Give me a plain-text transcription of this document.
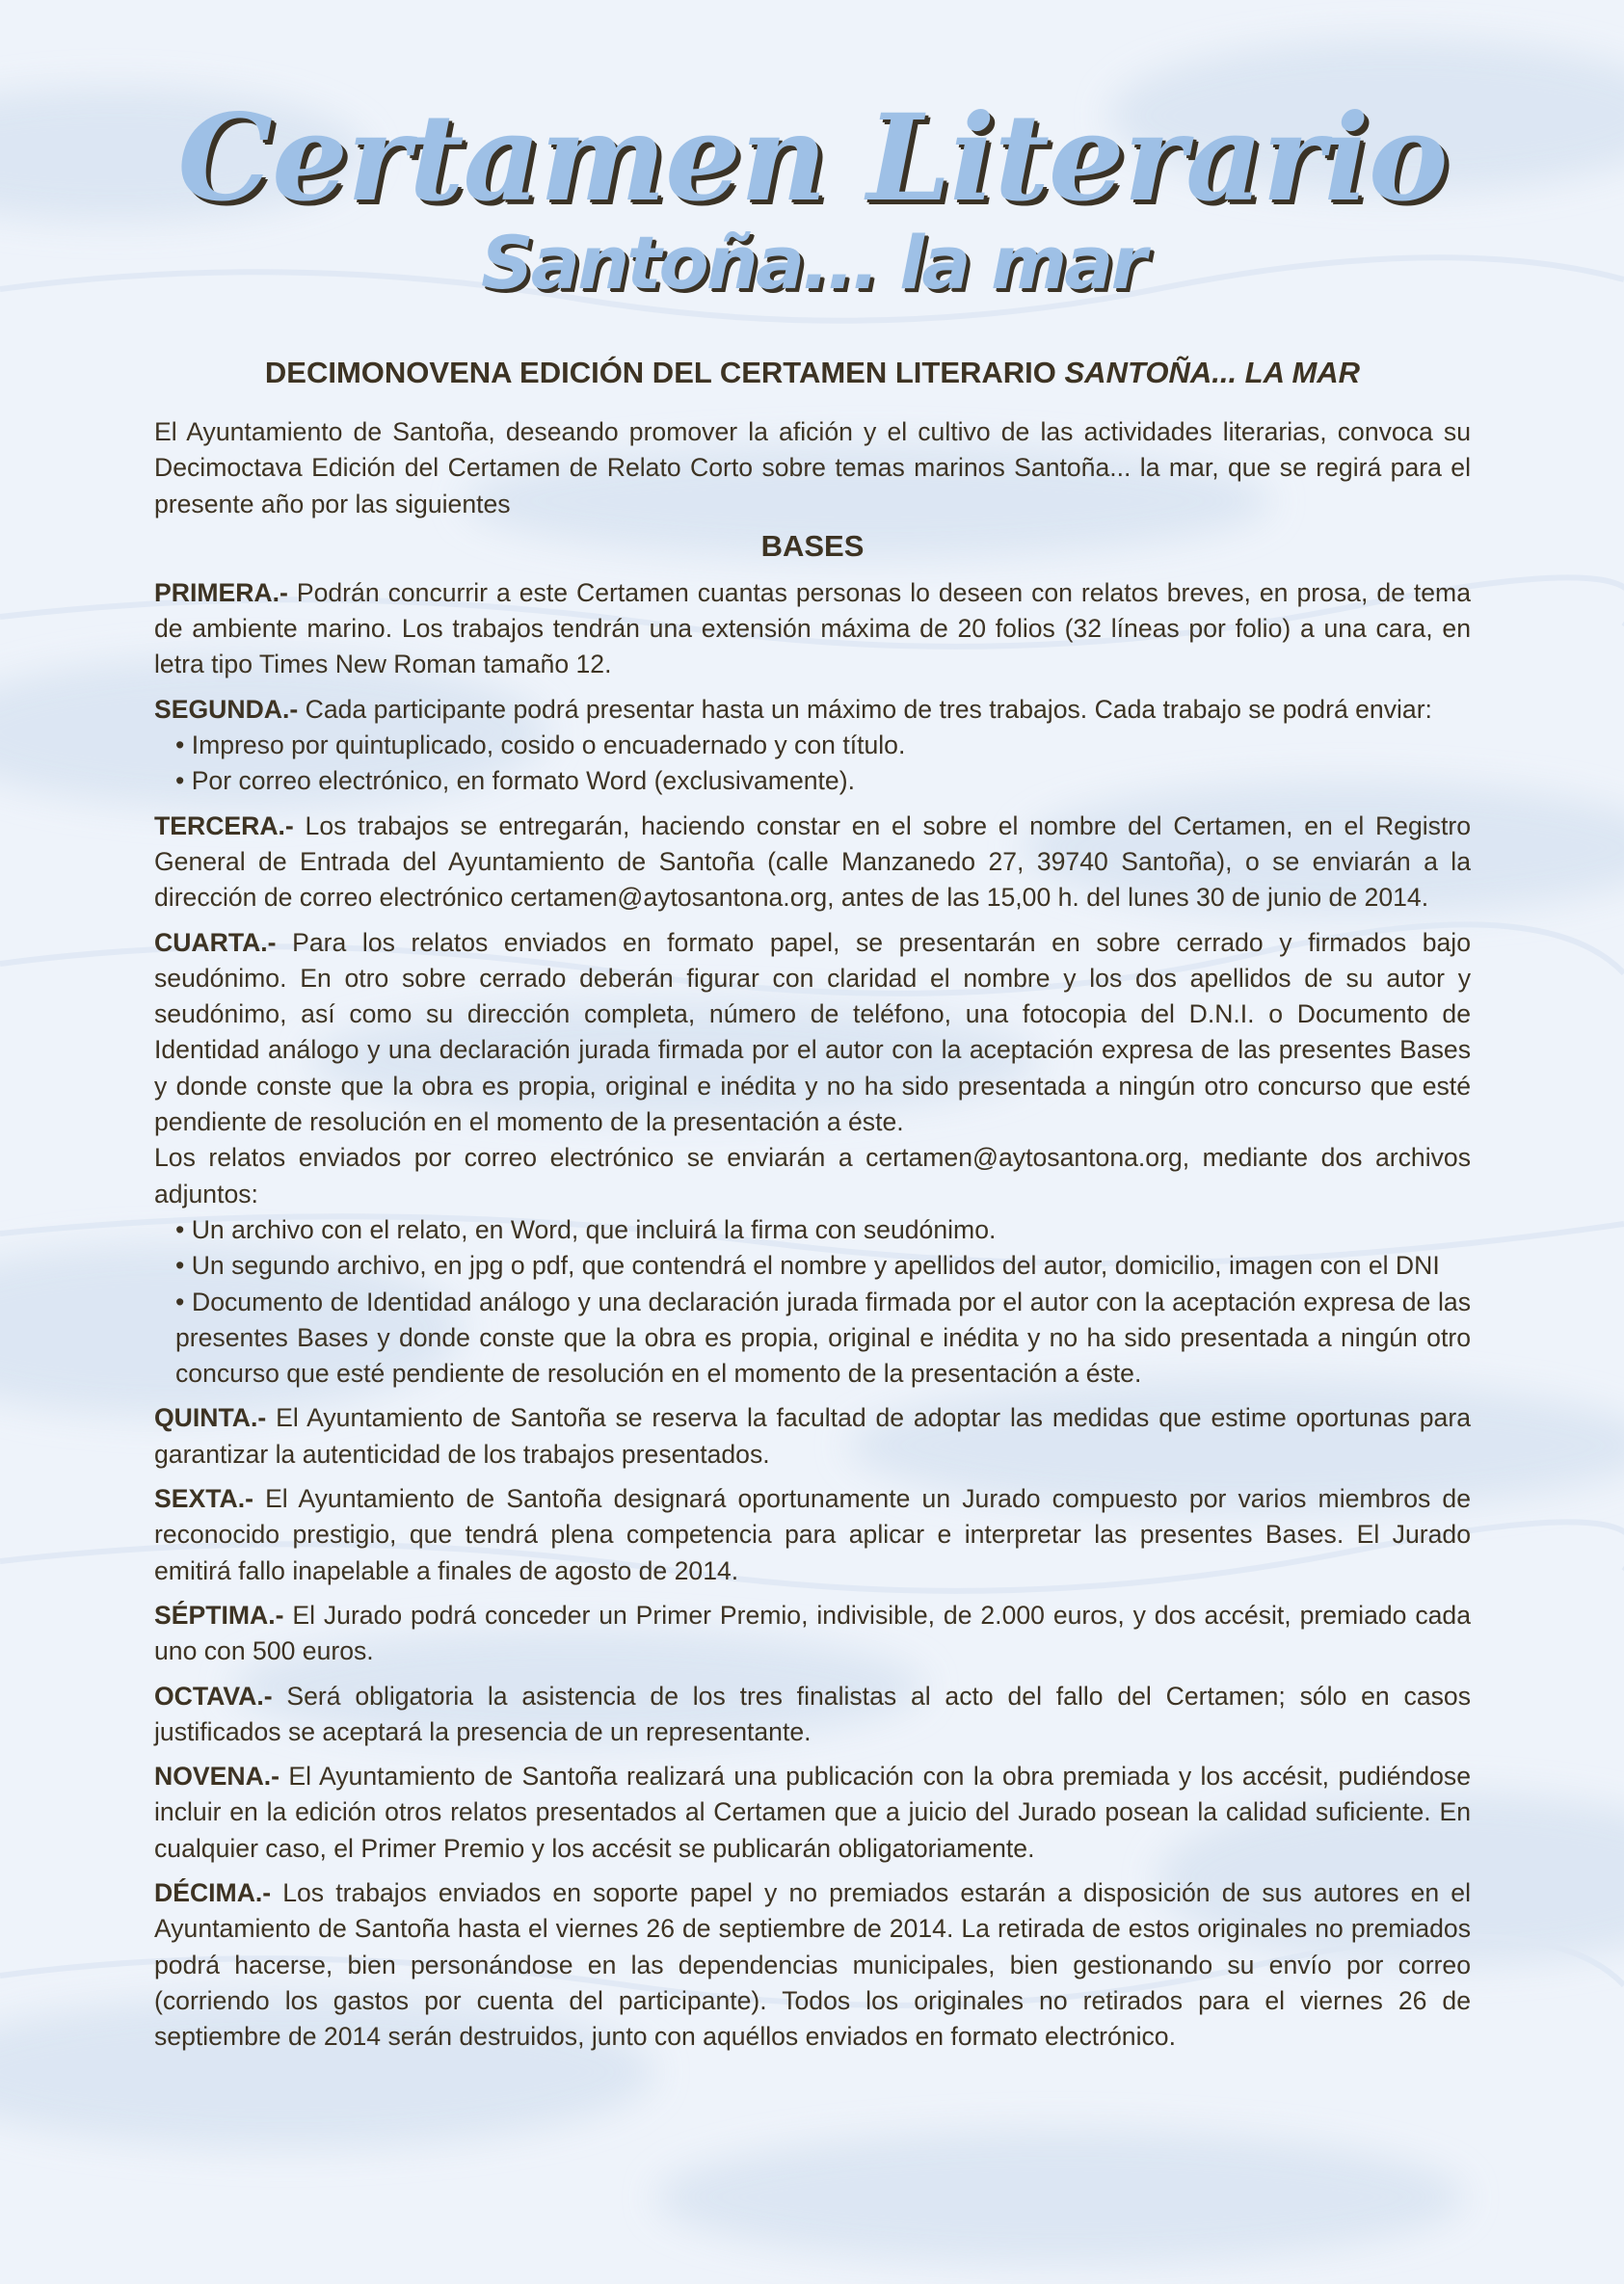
Certamen Literario
Santoña... la mar
DECIMONOVENA EDICIÓN DEL CERTAMEN LITERARIO SANTOÑA... LA MAR

El Ayuntamiento de Santoña, deseando promover la afición y el cultivo de las actividades literarias, convoca su Decimoctava Edición del Certamen de Relato Corto sobre temas marinos Santoña... la mar, que se regirá para el presente año por las siguientes

BASES

PRIMERA.- Podrán concurrir a este Certamen cuantas personas lo deseen con relatos breves, en prosa, de tema de ambiente marino. Los trabajos tendrán una extensión máxima de 20 folios (32 líneas por folio) a una cara, en letra tipo Times New Roman tamaño 12.

SEGUNDA.- Cada participante podrá presentar hasta un máximo de tres trabajos. Cada trabajo se podrá enviar:

• Impreso por quintuplicado, cosido o encuadernado y con título.

• Por correo electrónico, en formato Word (exclusivamente).

TERCERA.- Los trabajos se entregarán, haciendo constar en el sobre el nombre del Certamen, en el Registro General de Entrada del Ayuntamiento de Santoña (calle Manzanedo 27, 39740 Santoña), o se enviarán a la dirección de correo electrónico certamen@aytosantona.org, antes de las 15,00 h. del lunes 30 de junio de 2014.

CUARTA.- Para los relatos enviados en formato papel, se presentarán en sobre cerrado y firmados bajo seudónimo. En otro sobre cerrado deberán figurar con claridad el nombre y los dos apellidos de su autor y seudónimo, así como su dirección completa, número de teléfono, una fotocopia del D.N.I. o Documento de Identidad análogo y una declaración jurada firmada por el autor con la aceptación expresa de las presentes Bases y donde conste que la obra es propia, original e inédita y no ha sido presentada a ningún otro concurso que esté pendiente de resolución en el momento de la presentación a éste.

Los relatos enviados por correo electrónico se enviarán a certamen@aytosantona.org, mediante dos archivos adjuntos:

• Un archivo con el relato, en Word, que incluirá la firma con seudónimo.

• Un segundo archivo, en jpg o pdf, que contendrá el nombre y apellidos del autor, domicilio, imagen con el DNI

• Documento de Identidad análogo y una declaración jurada firmada por el autor con la aceptación expresa de las presentes Bases y donde conste que la obra es propia, original e inédita y no ha sido presentada a ningún otro concurso que esté pendiente de resolución en el momento de la presentación a éste.

QUINTA.- El Ayuntamiento de Santoña se reserva la facultad de adoptar las medidas que estime oportunas para garantizar la autenticidad de los trabajos presentados.

SEXTA.- El Ayuntamiento de Santoña designará oportunamente un Jurado compuesto por varios miembros de reconocido prestigio, que tendrá plena competencia para aplicar e interpretar las presentes Bases. El Jurado emitirá fallo inapelable a finales de agosto de 2014.

SÉPTIMA.- El Jurado podrá conceder un Primer Premio, indivisible, de 2.000 euros, y dos accésit, premiado cada uno con 500 euros.

OCTAVA.- Será obligatoria la asistencia de los tres finalistas al acto del fallo del Certamen; sólo en casos justificados se aceptará la presencia de un representante.

NOVENA.- El Ayuntamiento de Santoña realizará una publicación con la obra premiada y los accésit, pudiéndose incluir en la edición otros relatos presentados al Certamen que a juicio del Jurado posean la calidad suficiente. En cualquier caso, el Primer Premio y los accésit se publicarán obligatoriamente.

DÉCIMA.- Los trabajos enviados en soporte papel y no premiados estarán a disposición de sus autores en el Ayuntamiento de Santoña hasta el viernes 26 de septiembre de 2014. La retirada de estos originales no premiados podrá hacerse, bien personándose en las dependencias municipales, bien gestionando su envío por correo (corriendo los gastos por cuenta del participante). Todos los originales no retirados para el viernes 26 de septiembre de 2014 serán destruidos, junto con aquéllos enviados en formato electrónico.
